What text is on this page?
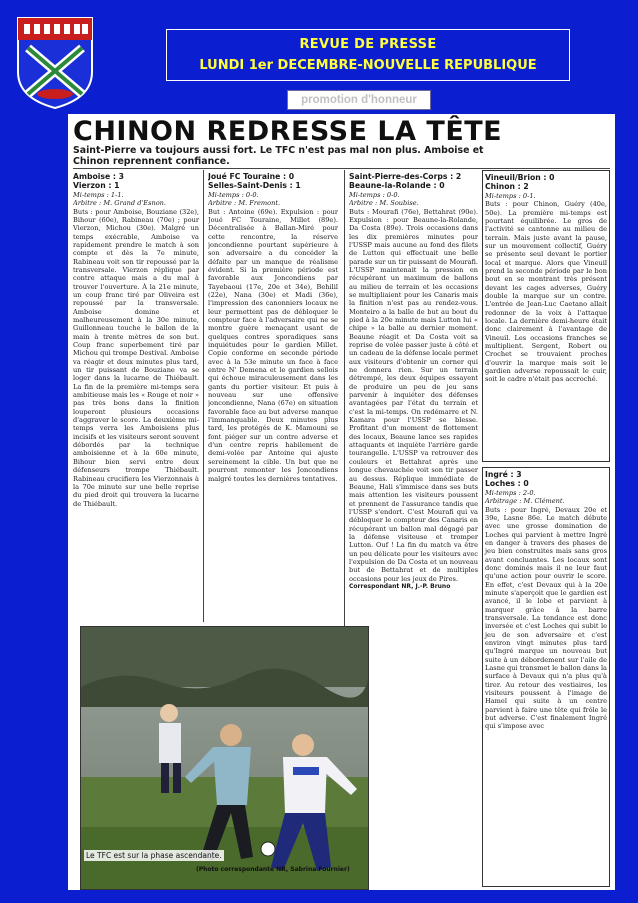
REVUE DE PRESSE
LUNDI 1er DECEMBRE-NOUVELLE REPUBLIQUE
promotion d'honneur
CHINON REDRESSE LA TÊTE
Saint-Pierre va toujours aussi fort. Le TFC n'est pas mal non plus. Amboise et Chinon reprennent confiance.

Amboise : 3

Vierzon : 1

Mi-temps : 1-1.

Arbitre : M. Grand d'Esnon.

Buts : pour Amboise, Bouziane (32e), Bihour (60e), Rabineau (70e) ; pour Vierzon, Michou (30e). Malgré un temps exécrable, Amboise va rapidement prendre le match à son compte et dès la 7e minute, Rabineau voit son tir repoussé par la transversale. Vierzon réplique par contre attaque mais a du mal à trouver l'ouverture. À la 21e minute, un coup franc tiré par Oliveira est repoussé par la transversale. Amboise domine et malheureusement à la 30e minute, Guillonneau touche le ballon de la main à trente mètres de son but. Coup franc superbement tiré par Michou qui trompe Destival. Amboise va réagir et deux minutes plus tard, un tir puissant de Bouziane va se loger dans la lucarne de Thiébault. La fin de la première mi-temps sera ambitieuse mais les « Rouge et noir » pas très bons dans la finition louperont plusieurs occasions d'aggraver le score. La deuxième mi-temps verra les Amboisiens plus incisifs et les visiteurs seront souvent débordés par la technique amboisienne et à la 60e minute, Bihour bien servi entre deux défenseurs trompe Thiébault. Rabineau crucifiera les Vierzonnais à la 70e minute sur une belle reprise du pied droit qui trouvera la lucarne de Thiébault.

Joué FC Touraine : 0

Selles-Saint-Denis : 1

Mi-temps : 0-0.

Arbitre : M. Fremont.

But : Antoine (69e). Expulsion : pour Joué FC Touraine, Millet (89e). Décentralisée à Ballan-Miré pour cette rencontre, la réserve joncondienne pourtant supérieure à son adversaire a du concéder la défaite par un manque de réalisme évident. Si la première période est favorable aux Joncondiens par Tayebaoui (17e, 20e et 34e), Behilil (22e), Nana (30e) et Madi (36e), l'impression des canonniers locaux ne leur permettent pas de débloquer le compteur face à l'adversaire qui ne se montre guère menaçant usant de quelques contres sporadiques sans inquiétudes pour le gardien Millet. Copie conforme en seconde période avec à la 53e minute un face à face entre N' Demena et le gardien sellois qui échoue miraculeusement dans les gants du portier visiteur. Et puis à nouveau sur une offensive joncondienne, Nana (67e) en situation favorable face au but adverse manque l'immanquable. Deux minutes plus tard, les protégés de K. Mamouni se font piéger sur un contre adverse et d'un centre repris habilement de demi-volée par Antoine qui ajuste sereinement la cible. Un but que ne pourront remonter les Joncondiens malgré toutes les dernières tentatives.

Saint-Pierre-des-Corps : 2

Beaune-la-Rolande : 0

Mi-temps : 0-0.

Arbitre : M. Soubise.

Buts : Mourafi (76e), Bettahrat (90e). Expulsion : pour Beaune-la-Rolande, Da Costa (89e). Trois occasions dans les dix premières minutes pour l'USSP mais aucune au fond des filets de Lutton qui effectuait une belle parade sur un tir puissant de Mourafi. L'USSP maintenait la pression en récupérant un maximum de ballons au milieu de terrain et les occasions se multipliaient pour les Canaris mais la finition n'est pas au rendez-vous. Monteiro a la balle de but au bout du pied à la 20e minute mais Lutton lui « chipe » la balle au dernier moment. Beaune réagit et Da Costa voit sa reprise de volée passer juste à côté et un cadeau de la défense locale permet aux visiteurs d'obtenir un corner qui ne donnera rien. Sur un terrain détrempé, les deux équipes essayent de produire un peu de jeu sans parvenir à inquiéter des défenses avantagées par l'état du terrain et c'est la mi-temps. On redémarre et N. Kamara pour l'USSP se blesse. Profitant d'un moment de flottement des locaux, Beaune lance ses rapides attaquants et inquiète l'arrière garde tourangelle. L'USSP va retrouver des couleurs et Bettahrat après une longue chevauchée voit son tir passer au dessus. Réplique immédiate de Beaune, Hali s'immisce dans ses buts mais attention les visiteurs poussent et prennent de l'assurance tandis que l'USSP s'endort. C'est Mourafi qui va débloquer le compteur des Canaris en récupérant un ballon mal dégagé par la défense visiteuse et tromper Lutton. Ouf ! La fin du match va être un peu délicate pour les visiteurs avec l'expulsion de Da Costa et un nouveau but de Bettahrat et de multiples occasions pour les jeux de Pires.

Correspondant NR, J.-P. Bruno

Vineuil/Brion : 0

Chinon : 2

Mi-temps : 0-1.

Buts : pour Chinon, Guéry (40e, 50e). La première mi-temps est pourtant équilibrée. Le gros de l'activité se cantonne au milieu de terrain. Mais juste avant la pause, sur un mouvement collectif, Guéry se présente seul devant le portier local et marque. Alors que Vineuil prend la seconde période par le bon bout en se montrant très présent devant les cages adverses, Guéry double la marque sur un contre. L'entrée de Jean-Luc Caetano allait redonner de la voix à l'attaque locale. La dernière demi-heure était donc clairement à l'avantage de Vineuil. Les occasions franches se multiplient. Sergent, Robert ou Crochet se trouvaient proches d'ouvrir la marque mais soit le gardien adverse repoussait le cuir, soit le cadre n'était pas accroché.

Ingré : 3

Loches : 0

Mi-temps : 2-0.

Arbitrage : M. Clément.

Buts : pour Ingré, Devaux 20e et 39e, Lasne 86e. Le match débute avec une grosse domination de Loches qui parvient à mettre Ingré en danger à travers des phases de jeu bien construites mais sans gros avant concluantes. Les locaux sont donc dominés mais il ne leur faut qu'une action pour ouvrir le score. En effet, c'est Devaux qui à la 20e minute s'aperçoit que le gardien est avancé, il le lobe et parvient à marquer grâce à la barre transversale. La tendance est donc inversée et c'est Loches qui subit le jeu de son adversaire et c'est environ vingt minutes plus tard qu'Ingré marque un nouveau but suite à un débordement sur l'aile de Lasne qui transmet le ballon dans la surface à Devaux qui n'a plus qu'à tirer. Au retour des vestiaires, les visiteurs poussent à l'image de Hamel qui suite à un centre parvient à faire une tête qui frôle le but adverse. C'est finalement Ingré qui s'impose avec

Le TFC est sur la phase ascendante.
(Photo correspondante NR, Sabrina Fournier)
